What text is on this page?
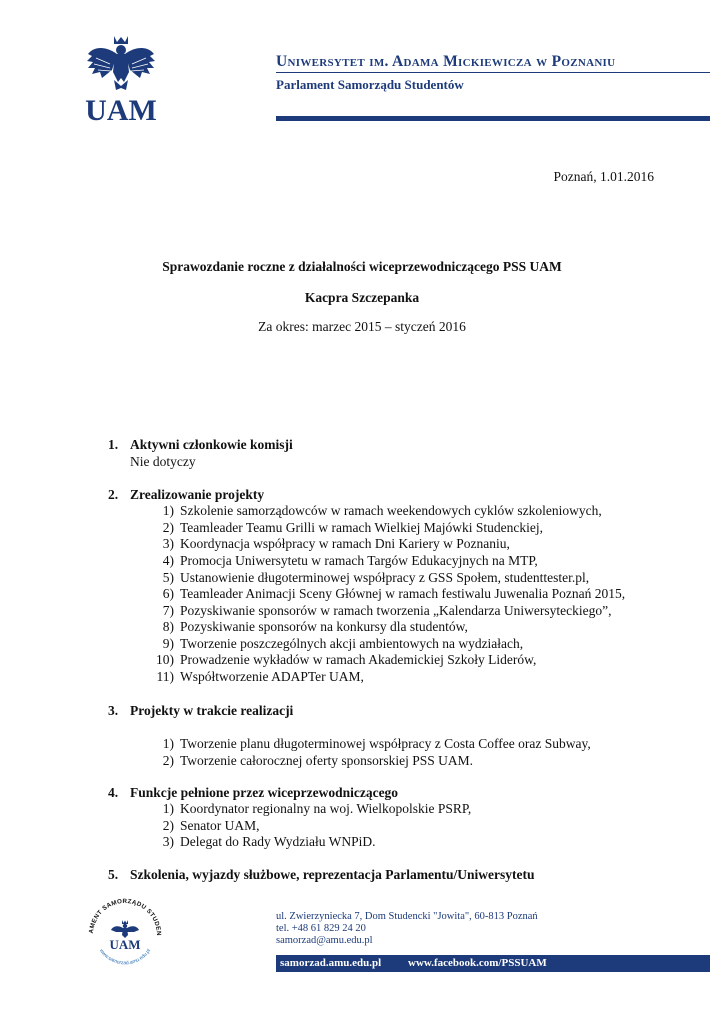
UAM
Uniwersytet im. Adama Mickiewicza w Poznaniu
Parlament Samorządu Studentów
Poznań, 1.01.2016
Sprawozdanie roczne z działalności wiceprzewodniczącego PSS UAM
Kacpra Szczepanka
Za okres: marzec 2015 – styczeń 2016
1. Aktywni członkowie komisji
Nie dotyczy
2. Zrealizowanie projekty
1) Szkolenie samorządowców w ramach weekendowych cyklów szkoleniowych,
2) Teamleader Teamu Grilli w ramach Wielkiej Majówki Studenckiej,
3) Koordynacja współpracy w ramach Dni Kariery w Poznaniu,
4) Promocja Uniwersytetu w ramach Targów Edukacyjnych na MTP,
5) Ustanowienie długoterminowej współpracy z GSS Społem, studenttester.pl,
6) Teamleader Animacji Sceny Głównej w ramach festiwalu Juwenalia Poznań 2015,
7) Pozyskiwanie sponsorów w ramach tworzenia „Kalendarza Uniwersyteckiego”,
8) Pozyskiwanie sponsorów na konkursy dla studentów,
9) Tworzenie poszczególnych akcji ambientowych na wydziałach,
10) Prowadzenie wykładów w ramach Akademickiej Szkoły Liderów,
11) Współtworzenie ADAPTer UAM,
3. Projekty w trakcie realizacji
1) Tworzenie planu długoterminowej współpracy z Costa Coffee oraz Subway,
2) Tworzenie całorocznej oferty sponsorskiej PSS UAM.
4. Funkcje pełnione przez wiceprzewodniczącego
1) Koordynator regionalny na woj. Wielkopolskie PSRP,
2) Senator UAM,
3) Delegat do Rady Wydziału WNPiD.
5. Szkolenia, wyjazdy służbowe, reprezentacja Parlamentu/Uniwersytetu
AMENT SAMORZĄDU STUDEN
www.samorzad.amu.edu.pl
UAM
ul. Zwierzyniecka 7, Dom Studencki "Jowita", 60-813 Poznań
tel. +48 61 829 24 20
samorzad@amu.edu.pl
samorzad.amu.edu.pl www.facebook.com/PSSUAM
